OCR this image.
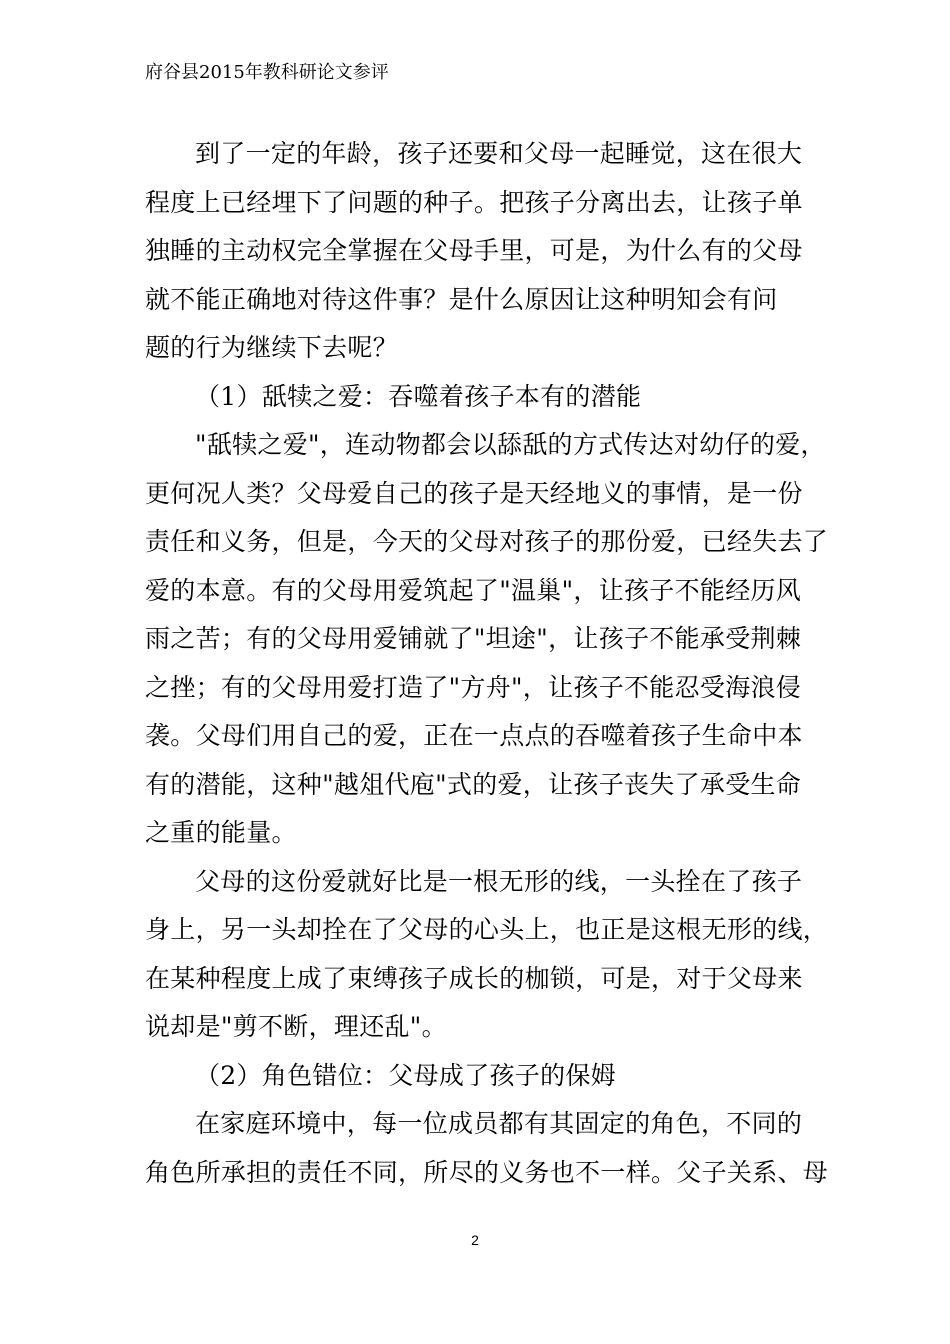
府谷县2015年教科研论文参评
到了一定的年龄，孩子还要和父母一起睡觉，这在很大
程度上已经埋下了问题的种子。把孩子分离出去，让孩子单
独睡的主动权完全掌握在父母手里，可是，为什么有的父母
就不能正确地对待这件事？是什么原因让这种明知会有问
题的行为继续下去呢？
（1）舐犊之爱：吞噬着孩子本有的潜能
"舐犊之爱"，连动物都会以舔舐的方式传达对幼仔的爱，
更何况人类？父母爱自己的孩子是天经地义的事情，是一份
责任和义务，但是，今天的父母对孩子的那份爱，已经失去了
爱的本意。有的父母用爱筑起了"温巢"，让孩子不能经历风
雨之苦；有的父母用爱铺就了"坦途"，让孩子不能承受荆棘
之挫；有的父母用爱打造了"方舟"，让孩子不能忍受海浪侵
袭。父母们用自己的爱，正在一点点的吞噬着孩子生命中本
有的潜能，这种"越俎代庖"式的爱，让孩子丧失了承受生命
之重的能量。
父母的这份爱就好比是一根无形的线，一头拴在了孩子
身上，另一头却拴在了父母的心头上，也正是这根无形的线，
在某种程度上成了束缚孩子成长的枷锁，可是，对于父母来
说却是"剪不断，理还乱"。
（2）角色错位：父母成了孩子的保姆
在家庭环境中，每一位成员都有其固定的角色，不同的
角色所承担的责任不同，所尽的义务也不一样。父子关系、母
2
